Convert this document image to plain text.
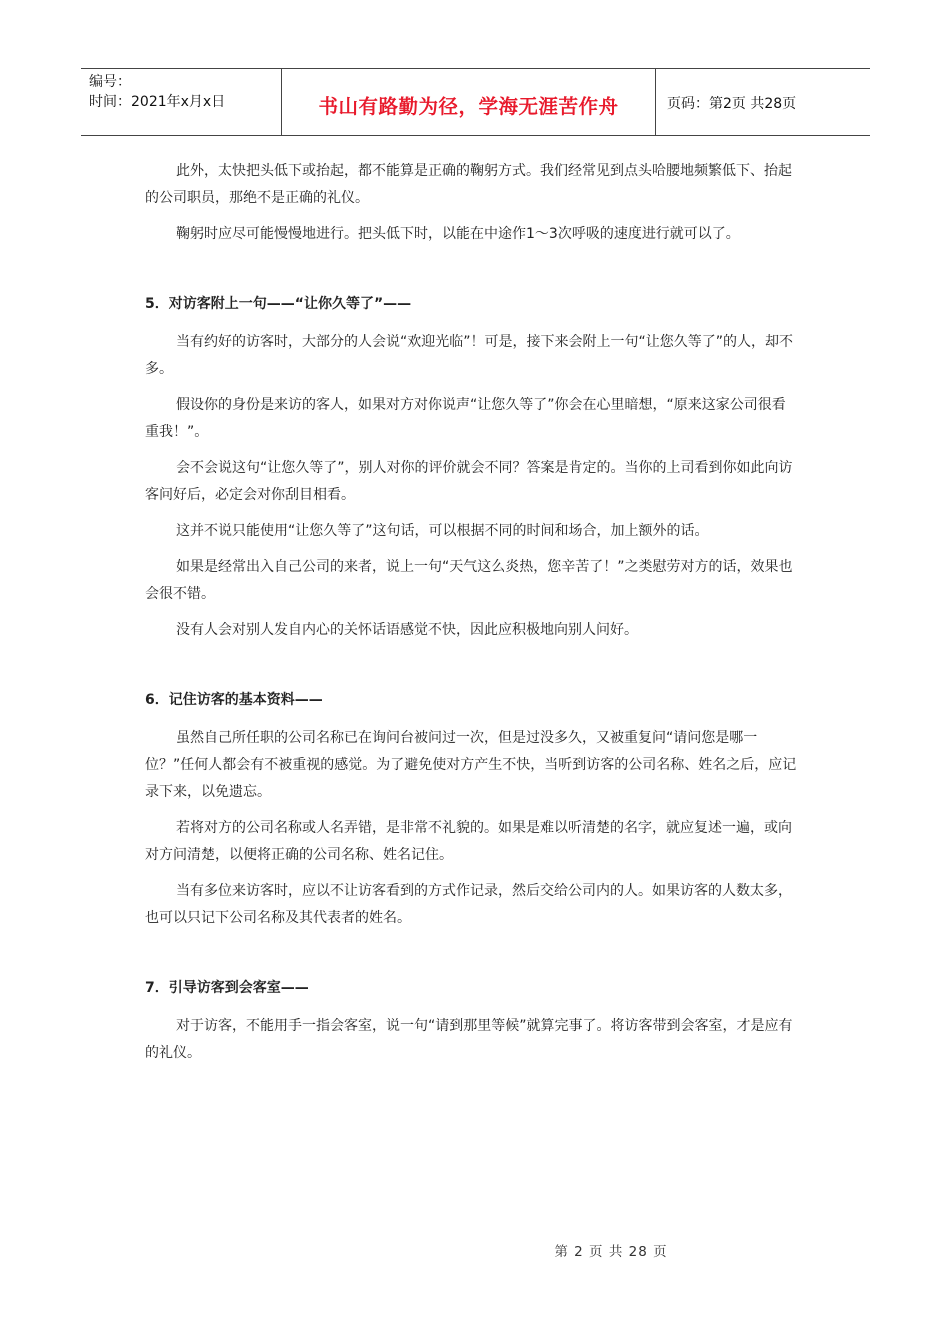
编号：
时间：2021年x月x日	书山有路勤为径，学海无涯苦作舟	页码：第2页 共28页

此外，太快把头低下或抬起，都不能算是正确的鞠躬方式。我们经常见到点头哈腰地频繁低下、抬起的公司职员，那绝不是正确的礼仪。

鞠躬时应尽可能慢慢地进行。把头低下时，以能在中途作1～3次呼吸的速度进行就可以了。

5．对访客附上一句——“让你久等了”——

当有约好的访客时，大部分的人会说“欢迎光临”！可是，接下来会附上一句“让您久等了”的人，却不多。

假设你的身份是来访的客人，如果对方对你说声“让您久等了”你会在心里暗想，“原来这家公司很看重我！”。

会不会说这句“让您久等了”，别人对你的评价就会不同？答案是肯定的。当你的上司看到你如此向访客问好后，必定会对你刮目相看。

这并不说只能使用“让您久等了”这句话，可以根据不同的时间和场合，加上额外的话。

如果是经常出入自己公司的来者，说上一句“天气这么炎热，您辛苦了！”之类慰劳对方的话，效果也会很不错。

没有人会对别人发自内心的关怀话语感觉不快，因此应积极地向别人问好。

6．记住访客的基本资料——

虽然自己所任职的公司名称已在询问台被问过一次，但是过没多久，又被重复问“请问您是哪一位？”任何人都会有不被重视的感觉。为了避免使对方产生不快，当听到访客的公司名称、姓名之后，应记录下来，以免遗忘。

若将对方的公司名称或人名弄错，是非常不礼貌的。如果是难以听清楚的名字，就应复述一遍，或向对方问清楚，以便将正确的公司名称、姓名记住。

当有多位来访客时，应以不让访客看到的方式作记录，然后交给公司内的人。如果访客的人数太多，也可以只记下公司名称及其代表者的姓名。

7．引导访客到会客室——

对于访客，不能用手一指会客室，说一句“请到那里等候”就算完事了。将访客带到会客室，才是应有的礼仪。

第 2 页 共 28 页
